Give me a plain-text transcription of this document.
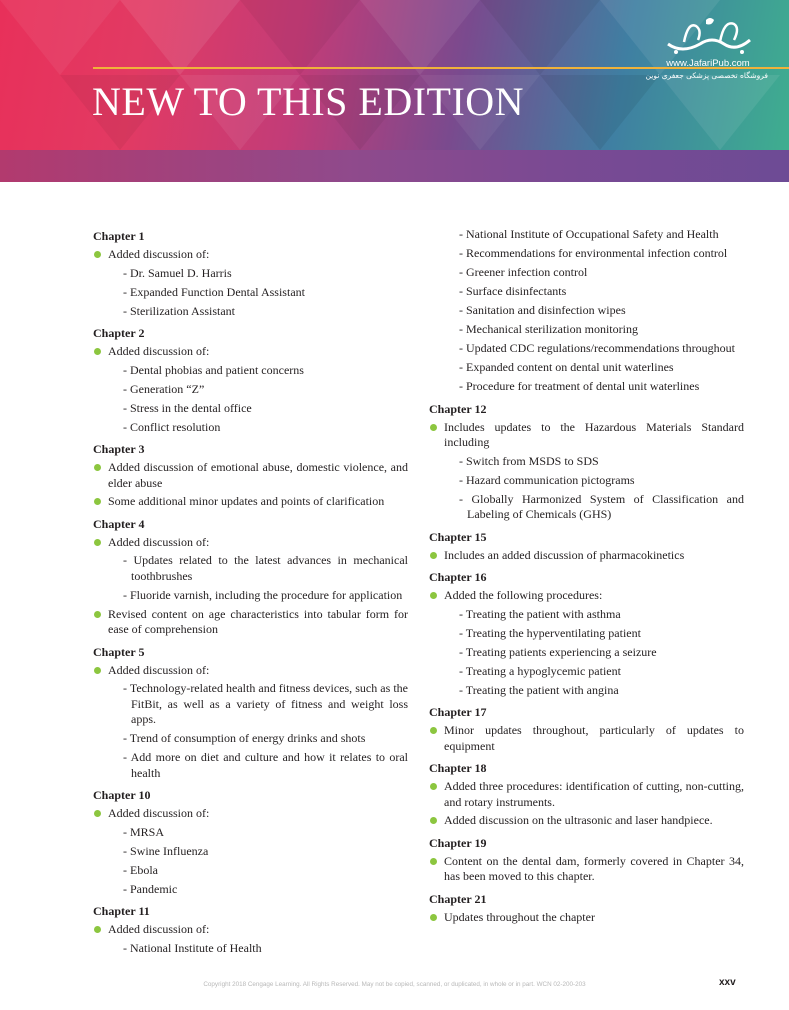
NEW TO THIS EDITION
www.JafariPub.com
فروشگاه تخصصی پزشکی جعفری نوین
Chapter 1
Added discussion of:
- Dr. Samuel D. Harris
- Expanded Function Dental Assistant
- Sterilization Assistant
Chapter 2
Added discussion of:
- Dental phobias and patient concerns
- Generation “Z”
- Stress in the dental office
- Conflict resolution
Chapter 3
Added discussion of emotional abuse, domestic violence, and elder abuse
Some additional minor updates and points of clarification
Chapter 4
Added discussion of:
- Updates related to the latest advances in mechanical toothbrushes
- Fluoride varnish, including the procedure for application
Revised content on age characteristics into tabular form for ease of comprehension
Chapter 5
Added discussion of:
- Technology-related health and fitness devices, such as the FitBit, as well as a variety of fitness and weight loss apps.
- Trend of consumption of energy drinks and shots
- Add more on diet and culture and how it relates to oral health
Chapter 10
Added discussion of:
- MRSA
- Swine Influenza
- Ebola
- Pandemic
Chapter 11
Added discussion of:
- National Institute of Health
- National Institute of Occupational Safety and Health
- Recommendations for environmental infection control
- Greener infection control
- Surface disinfectants
- Sanitation and disinfection wipes
- Mechanical sterilization monitoring
- Updated CDC regulations/recommendations throughout
- Expanded content on dental unit waterlines
- Procedure for treatment of dental unit waterlines
Chapter 12
Includes updates to the Hazardous Materials Standard including
- Switch from MSDS to SDS
- Hazard communication pictograms
- Globally Harmonized System of Classification and Labeling of Chemicals (GHS)
Chapter 15
Includes an added discussion of pharmacokinetics
Chapter 16
Added the following procedures:
- Treating the patient with asthma
- Treating the hyperventilating patient
- Treating patients experiencing a seizure
- Treating a hypoglycemic patient
- Treating the patient with angina
Chapter 17
Minor updates throughout, particularly of updates to equipment
Chapter 18
Added three procedures: identification of cutting, non-cutting, and rotary instruments.
Added discussion on the ultrasonic and laser handpiece.
Chapter 19
Content on the dental dam, formerly covered in Chapter 34, has been moved to this chapter.
Chapter 21
Updates throughout the chapter
Copyright 2018 Cengage Learning. All Rights Reserved. May not be copied, scanned, or duplicated, in whole or in part. WCN 02-200-203	xxv
